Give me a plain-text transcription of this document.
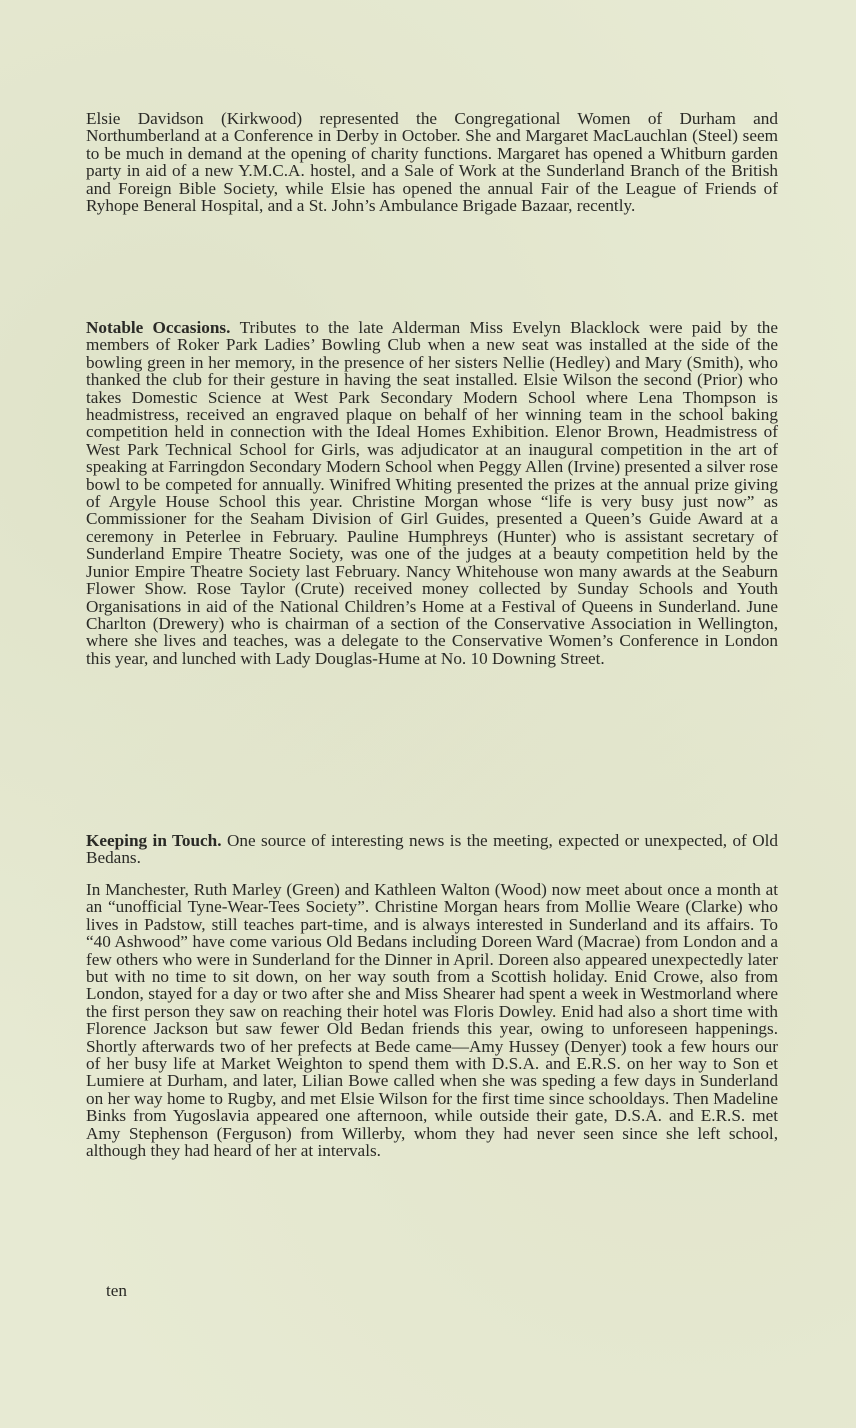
Elsie Davidson (Kirkwood) represented the Congregational Women of Durham and Northumberland at a Conference in Derby in October. She and Margaret MacLauchlan (Steel) seem to be much in demand at the opening of charity functions. Margaret has opened a Whitburn garden party in aid of a new Y.M.C.A. hostel, and a Sale of Work at the Sunderland Branch of the British and Foreign Bible Society, while Elsie has opened the annual Fair of the League of Friends of Ryhope Beneral Hospital, and a St. John’s Ambulance Brigade Bazaar, recently.

Notable Occasions. Tributes to the late Alderman Miss Evelyn Blacklock were paid by the members of Roker Park Ladies’ Bowling Club when a new seat was installed at the side of the bowling green in her memory, in the presence of her sisters Nellie (Hedley) and Mary (Smith), who thanked the club for their gesture in having the seat installed. Elsie Wilson the second (Prior) who takes Domestic Science at West Park Secondary Modern School where Lena Thompson is headmistress, received an engraved plaque on behalf of her winning team in the school baking competition held in connection with the Ideal Homes Exhibition. Elenor Brown, Headmistress of West Park Technical School for Girls, was adjudicator at an inaugural competition in the art of speaking at Farringdon Secondary Modern School when Peggy Allen (Irvine) presented a silver rose bowl to be competed for annually. Winifred Whiting presented the prizes at the annual prize giving of Argyle House School this year. Christine Morgan whose “life is very busy just now” as Commissioner for the Seaham Division of Girl Guides, presented a Queen’s Guide Award at a ceremony in Peterlee in February. Pauline Humphreys (Hunter) who is assistant secretary of Sunderland Empire Theatre Society, was one of the judges at a beauty competition held by the Junior Empire Theatre Society last February. Nancy Whitehouse won many awards at the Seaburn Flower Show. Rose Taylor (Crute) received money collected by Sunday Schools and Youth Organisations in aid of the National Children’s Home at a Festival of Queens in Sunderland. June Charlton (Drewery) who is chairman of a section of the Conservative Association in Wellington, where she lives and teaches, was a delegate to the Conservative Women’s Conference in London this year, and lunched with Lady Douglas-Hume at No. 10 Downing Street.

Keeping in Touch. One source of interesting news is the meeting, expected or unexpected, of Old Bedans.

In Manchester, Ruth Marley (Green) and Kathleen Walton (Wood) now meet about once a month at an “unofficial Tyne-Wear-Tees Society”. Christine Morgan hears from Mollie Weare (Clarke) who lives in Padstow, still teaches part-time, and is always interested in Sunderland and its affairs. To “40 Ashwood” have come various Old Bedans including Doreen Ward (Macrae) from London and a few others who were in Sunderland for the Dinner in April. Doreen also appeared unexpectedly later but with no time to sit down, on her way south from a Scottish holiday. Enid Crowe, also from London, stayed for a day or two after she and Miss Shearer had spent a week in Westmorland where the first person they saw on reaching their hotel was Floris Dowley. Enid had also a short time with Florence Jackson but saw fewer Old Bedan friends this year, owing to unforeseen happenings. Shortly afterwards two of her prefects at Bede came—Amy Hussey (Denyer) took a few hours our of her busy life at Market Weighton to spend them with D.S.A. and E.R.S. on her way to Son et Lumiere at Durham, and later, Lilian Bowe called when she was speding a few days in Sunderland on her way home to Rugby, and met Elsie Wilson for the first time since schooldays. Then Madeline Binks from Yugoslavia appeared one afternoon, while outside their gate, D.S.A. and E.R.S. met Amy Stephenson (Ferguson) from Willerby, whom they had never seen since she left school, although they had heard of her at intervals.

ten
